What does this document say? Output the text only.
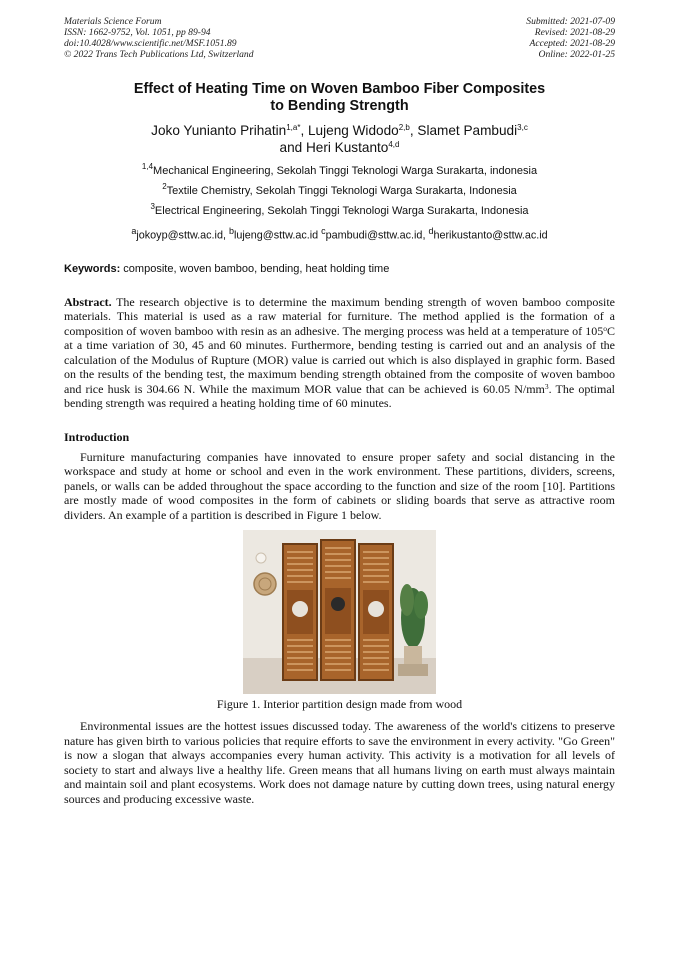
Materials Science Forum
ISSN: 1662-9752, Vol. 1051, pp 89-94
doi:10.4028/www.scientific.net/MSF.1051.89
© 2022 Trans Tech Publications Ltd, Switzerland
Submitted: 2021-07-09
Revised: 2021-08-29
Accepted: 2021-08-29
Online: 2022-01-25
Effect of Heating Time on Woven Bamboo Fiber Composites
to Bending Strength
Joko Yunianto Prihatin$^{1,a*}$, Lujeng Widodo$^{2,b}$, Slamet Pambudi$^{3,c}$
and Heri Kustanto$^{4,d}$
$^{1,4}$Mechanical Engineering, Sekolah Tinggi Teknologi Warga Surakarta, indonesia
$^2$Textile Chemistry, Sekolah Tinggi Teknologi Warga Surakarta, Indonesia
$^3$Electrical Engineering, Sekolah Tinggi Teknologi Warga Surakarta, Indonesia
$^a$jokoyp@sttw.ac.id, $^b$lujeng@sttw.ac.id $^c$pambudi@sttw.ac.id, $^d$herikustanto@sttw.ac.id
Keywords: composite, woven bamboo, bending, heat holding time
Abstract. The research objective is to determine the maximum bending strength of woven bamboo composite materials. This material is used as a raw material for furniture. The method applied is the formation of a composition of woven bamboo with resin as an adhesive. The merging process was held at a temperature of 105$^o$C at a time variation of 30, 45 and 60 minutes. Furthermore, bending testing is carried out and an analysis of the calculation of the Modulus of Rupture (MOR) value is carried out which is also displayed in graphic form. Based on the results of the bending test, the maximum bending strength obtained from the composite of woven bamboo and rice husk is 304.66 N. While the maximum MOR value that can be achieved is 60.05 $N/mm^3$. The optimal bending strength was required a heating holding time of 60 minutes.
Introduction
Furniture manufacturing companies have innovated to ensure proper safety and social distancing in the workspace and study at home or school and even in the work environment. These partitions, dividers, screens, panels, or walls can be added throughout the space according to the function and size of the room [10]. Partitions are mostly made of wood composites in the form of cabinets or sliding boards that serve as attractive room dividers. An example of a partition is described in Figure 1 below.
Figure 1. Interior partition design made from wood
Environmental issues are the hottest issues discussed today. The awareness of the world's citizens to preserve nature has given birth to various policies that require efforts to save the environment in every activity. "Go Green" is now a slogan that always accompanies every human activity. This activity is a motivation for all levels of society to start and always live a healthy life. Green means that all humans living on earth must always maintain and maintain soil and plant ecosystems. Work does not damage nature by cutting down trees, using natural energy sources and producing excessive waste.
